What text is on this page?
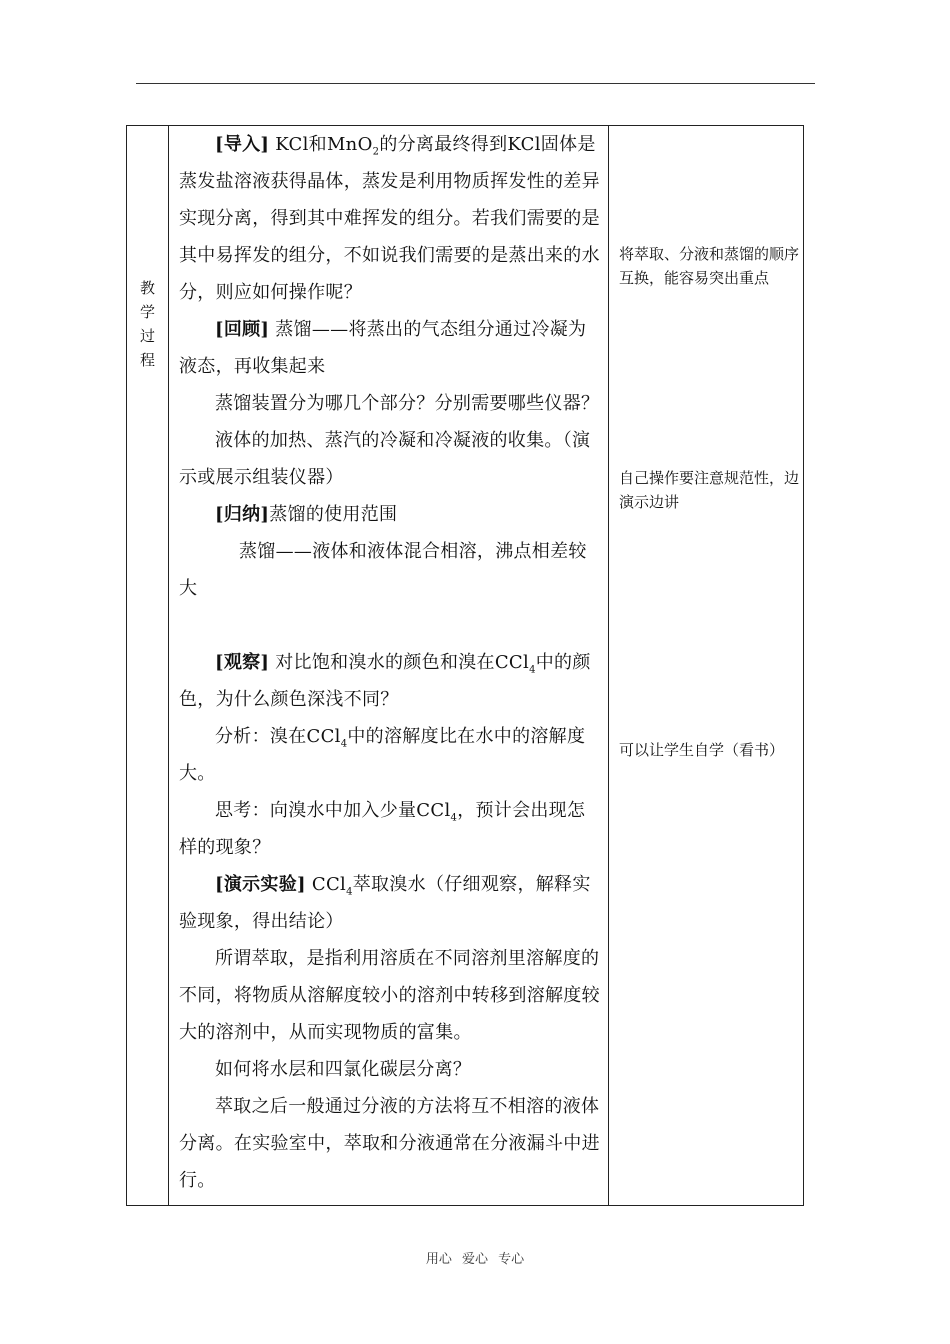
教
学
过
程

[导入] KCl和MnO$_2$的分离最终得到KCl固体是蒸发盐溶液获得晶体，蒸发是利用物质挥发性的差异实现分离，得到其中难挥发的组分。若我们需要的是其中易挥发的组分，不如说我们需要的是蒸出来的水分，则应如何操作呢？

[回顾] 蒸馏——将蒸出的气态组分通过冷凝为液态，再收集起来

蒸馏装置分为哪几个部分？分别需要哪些仪器？

液体的加热、蒸汽的冷凝和冷凝液的收集。（演示或展示组装仪器）

[归纳]蒸馏的使用范围

蒸馏——液体和液体混合相溶，沸点相差较大

[观察] 对比饱和溴水的颜色和溴在CCl$_4$中的颜色，为什么颜色深浅不同？

分析：溴在CCl$_4$中的溶解度比在水中的溶解度大。

思考：向溴水中加入少量CCl$_4$，预计会出现怎样的现象？

[演示实验] CCl$_4$萃取溴水（仔细观察，解释实验现象，得出结论）

所谓萃取，是指利用溶质在不同溶剂里溶解度的不同，将物质从溶解度较小的溶剂中转移到溶解度较大的溶剂中，从而实现物质的富集。

如何将水层和四氯化碳层分离？

萃取之后一般通过分液的方法将互不相溶的液体分离。在实验室中，萃取和分液通常在分液漏斗中进行。

将萃取、分液和蒸馏的顺序互换，能容易突出重点
自己操作要注意规范性，边演示边讲
可以让学生自学（看书）
用心 爱心 专心
